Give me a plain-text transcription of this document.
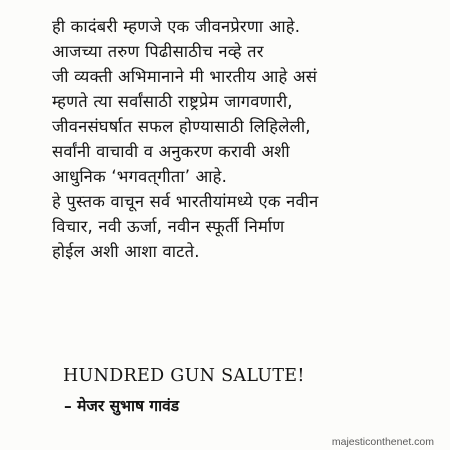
ही कादंबरी म्हणजे एक जीवनप्रेरणा आहे.
आजच्या तरुण पिढीसाठीच नव्हे तर
जी व्यक्ती अभिमानाने मी भारतीय आहे असं
म्हणते त्या सर्वांसाठी राष्ट्रप्रेम जागवणारी,
जीवनसंघर्षात सफल होण्यासाठी लिहिलेली,
सर्वांनी वाचावी व अनुकरण करावी अशी
आधुनिक ‘भगवत्‌गीता’ आहे.
हे पुस्तक वाचून सर्व भारतीयांमध्ये एक नवीन
विचार, नवी ऊर्जा, नवीन स्फूर्ती निर्माण
होईल अशी आशा वाटते.
HUNDRED GUN SALUTE!
– मेजर सुभाष गावंड
majesticonthenet.com
